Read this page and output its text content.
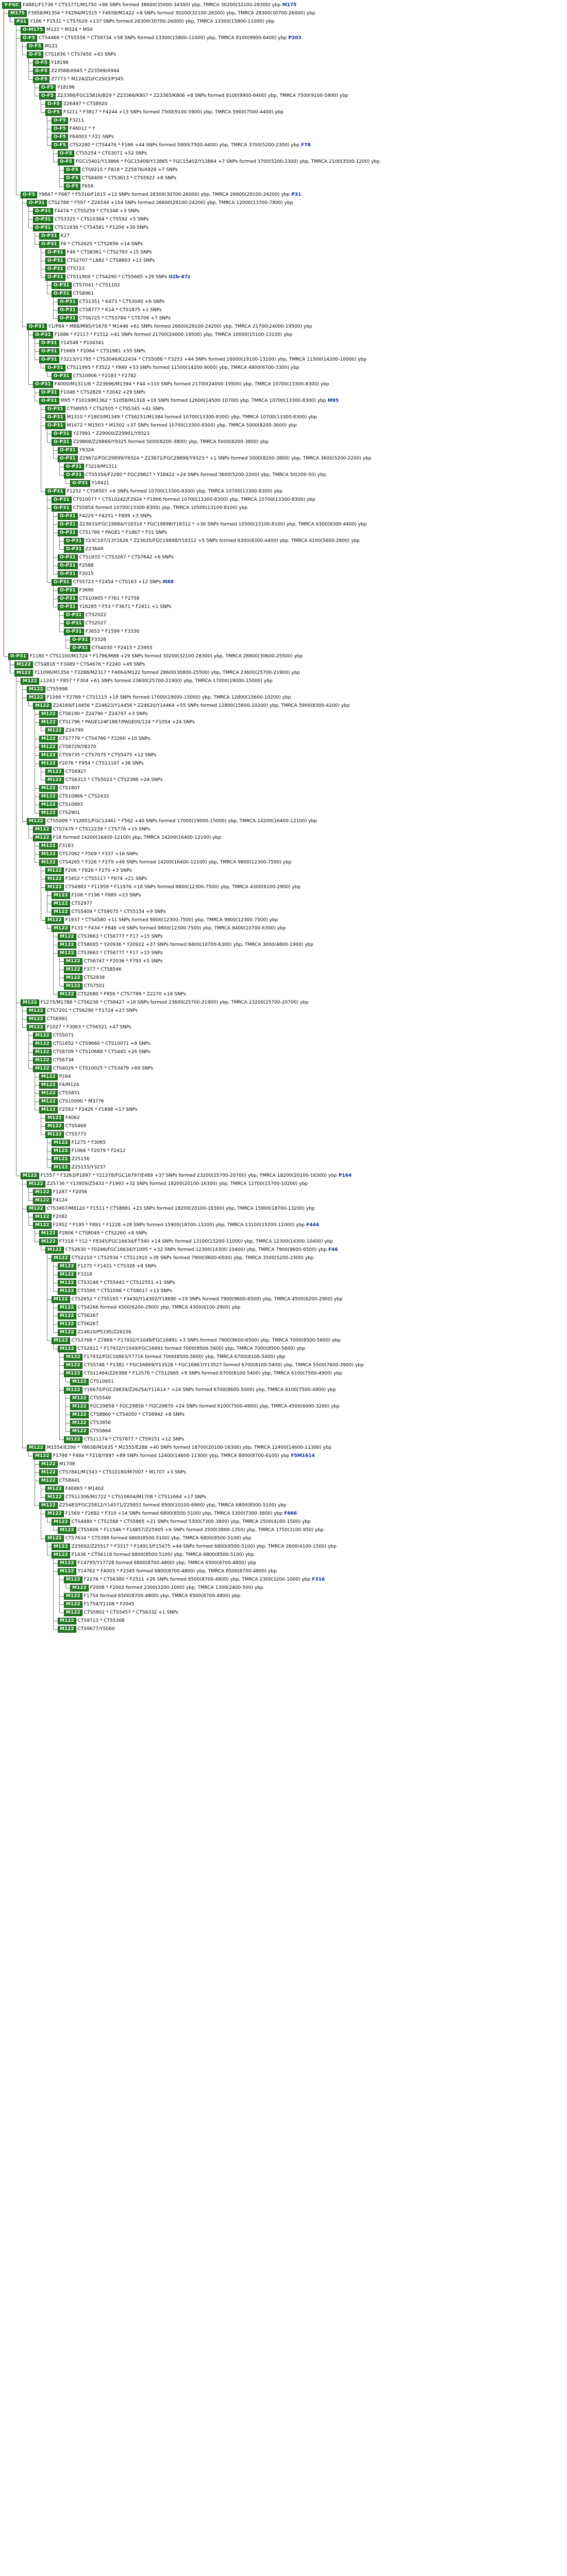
Y-FGC F4881/F1739 * CTS3771/M1750 +86 SNPs formed 38600(35000-34300) ybp, TMRCA 30200(32100-28300) ybp M175
M175 F3958/M1354 * F4294/M1515 * F4658/M1422 +8 SNPs formed 30200(32100-28300) ybp, TMRCA 28300(30700-26000) ybp
P31 Y186 * F1531 * CTS7629 +137 SNPs formed 28300(30700-26000) ybp, TMRCA 13300(15800-11000) ybp
O-M175 M122 * M324 * M50
O-F5 CTS4468 * CTS5556 * CTS9734 +58 SNPs formed 13300(15800-11000) ybp, TMRCA 8100(9900-6400) ybp P203
O-F5 M121
O-F5 CTS1836 * CTS7450 +43 SNPs
O-F5 Y18196
O-F5 Z23568/A945 * Z23569/A944
O-F5 Z7773 * M124/ZGFC2503/P345
O-F5 Y18196
O-F5 Z23366/FGC15816/B29 * Z23366/K807 * Z23365/K806 +8 SNPs formed 8100(9900-6400) ybp, TMRCA 7500(9100-5900) ybp
O-F5 Z26497 * CTS8920
O-F5 F3211 * F3817 * F4244 +13 SNPs formed 7500(9100-5900) ybp, TMRCA 5900(7500-4400) ybp
O-F5 F3211
O-F5 F46011 * Y
O-F5 F64003 * F21 SNPs
O-F5 CTS2280 * CTS4476 * F166 +44 SNPs formed 5900(7500-4400) ybp, TMRCA 3700(5200-2300) ybp F78
O-F5 CTS5254 * CTS3071 +52 SNPs
O-F5 FGC15401/Y13866 * FGC15409/Y13865 * FGC15402/Y13864 +7 SNPs formed 3700(5200-2300) ybp, TMRCA 2100(3500-1200) ybp
O-F5 CTS9215 * F818 * Z25876/A929 +7 SNPs
O-F5 CTS8409 * CTS3613 * CTS5922 +8 SNPs
O-F5 F656
O-F5 Y9647 * F687 * F5316/F1615 +12 SNPs formed 28300(30700-26000) ybp, TMRCA 26600(29100-24200) ybp P31
O-P31 CTS2788 * F597 * Z24544 +154 SNPs formed 26600(29100-24200) ybp, TMRCA 12000(13700-7800) ybp
O-P31 F4474 * CTS5259 * CTS348 +3 SNPs
O-P31 CTS3325 * CTS10364 * CTS592 +5 SNPs
O-P31 CTS11836 * CTS4581 * F1204 +30 SNPs
O-P31 K27
O-P31 F6 * CTS2625 * CTS2656 +14 SNPs
O-P31 F46 * CTS8361 * CTS2793 +15 SNPs
O-P31 CTS2707 * L682 * CTS8603 +13 SNPs
O-P31 CTS723
O-P31 CTS11900 * CTS4290 * CTS5665 +29 SNPs O2b-47z
O-P31 CTS7041 * CTS1102
O-P31 CTS8961
O-P31 CTS1351 * K473 * CTS3040 +6 SNPs
O-P31 CTS8777 * K14 * CTS1875 +1 SNPs
O-P31 CTS6725 * CTS3784 * CTS706 +7 SNPs
O-P31 Y1/P84 * M88/M95/Y1678 * M1446 +61 SNPs formed 26600(29100-24200) ybp, TMRCA 21700(24000-19500) ybp
O-P31 F1686 * F2117 * F1512 +41 SNPs formed 21700(24000-19500) ybp, TMRCA 10000(15100-13100) ybp
O-P31 Y14548 * P104341
O-P31 F1669 * F2064 * CTS1981 +55 SNPs
O-P31 F3213/Y1795 * CTS3046/K22434 * CTS5088 * F3253 +44 SNPs formed 16000(19100-13100) ybp, TMRCA 11500(14200-10000) ybp
O-P31 CTS11995 * F3522 * F840 +53 SNPs formed 11500(14200-9000) ybp, TMRCA 4800(6700-3300) ybp
O-P31 CTS10806 * F2183 * F2782
O-P31 F4000/M1311/8 * Z23696/M1394 * F44 +110 SNPs formed 21700(24000-19500) ybp, TMRCA 10700(13300-8300) ybp
O-P31 F1046 * CTS2828 * F2042 +29 SNPs
O-P31 M95 * F1019/M1362 * S1058/M1318 +19 SNPs formed 12600(14500-10700) ybp, TMRCA 10700(13300-8300) ybp M95
O-P31 CTS8955 * CTS2505 * CTS5345 +41 SNPs
O-P31 M1310 * F1803/M1349 * CTS6251/M1384 formed 10700(13300-8300) ybp, TMRCA 10700(13300-8300) ybp
O-P31 M1472 * M1503 * M1502 +37 SNPs formed 10700(13300-8300) ybp, TMRCA 5000(8200-3600) ybp
O-P31 Y27991 * Z29900/Z29901/Y9323
O-P31 Z29868/Z29866/Y9325 formed 5000(8200-3800) ybp, TMRCA 5000(8200-3800) ybp
O-P31 Y9324
O-P31 Z29672/FGC29899/Y9324 * Z23671/FGC29898/Y9323 * +1 SNPs formed 5000(8200-3800) ybp, TMRCA 3600(5200-2200) ybp
O-P31 F3219/M1311
O-P31 CTS5356/F2290 * FGC29827 * Y18422 +24 SNPs formed 3600(5200-2200) ybp, TMRCA 50(200-50) ybp
O-P31 Y18421
O-P31 F1252 * CTS8507 +6 SNPs formed 10700(13300-8300) ybp, TMRCA 10700(13300-8300) ybp
O-P31 CTS10077 * CTS10242/F2924 * F1906 formed 10700(13300-8300) ybp, TMRCA 10700(13300-8300) ybp
O-P31 CTS5854 formed 10700(13300-8300) ybp, TMRCA 10500(13100-8100) ybp
O-P31 F4229 * F4251 * F809 +3 SNPs
O-P31 Z23633/FGC19884/Y18314 * FGC19898/Y18312 * +30 SNPs formed 10500(13100-8100) ybp, TMRCA 6300(8300-4400) ybp
O-P31 CTS1786 * PAGE1 * F1867 * F31 SNPs
O-P31 Y23C197/13Y1626 * Z23635/FGC19898/Y18312 +5 SNPs formed 6300(8300-4400) ybp, TMRCA 4100(5600-2800) ybp
O-P31 Z23649
O-P31 CTS1933 * CTS3267 * CTS7642 +6 SNPs
O-P31 F2588
O-P31 F2015
O-P31 CTS5723 * F2454 * CTS163 +12 SNPs M88
O-P31 F3690
O-P31 CTS10905 * F761 * F2758
O-P31 Y16285 * F53 * F3671 * F2411 +1 SNPs
O-P31 CTS2022
O-P31 CTS2027
O-P31 F3653 * F1599 * F3330
O-P31 F3328
O-P31 CTS4030 * F2415 * Z3955
O-P31 F1180 * CTS1100/M1724 * F1796/M88 +29 SNPs formed 30200(32100-28300) ybp, TMRCA 28800(30600-25500) ybp
M122 CTS4818 * F3489 * CTS4676 * F2240 +49 SNPs
M122 F11096/M1354 * F3288/M2317 * F4664/M122 formed 28600(30800-25500) ybp, TMRCA 23600(25700-21900) ybp
M122 L1243 * F857 * F304 +61 SNPs formed 23600(25700-21900) ybp, TMRCA 17000(19000-15000) ybp
M122 CTS5998
M122 F1266 * F2789 * CTS1115 +18 SNPs formed 17000(19000-15000) ybp, TMRCA 12800(15600-10200) ybp
M122 Z24169/F14456 * Z24623/Y14456 * Z24620/Y14464 +55 SNPs formed 12800(15600-10200) ybp, TMRCA 5900(8300-4200) ybp
M122 CTS6190 * Z24790 * Z24797 +3 SNPs
M122 CTS1796 * PAGE124F1867/PAGE00/124 * F1054 +24 SNPs
M122 Z24799
M122 CTS7779 * CTS4766 * F2260 +10 SNPs
M122 CTS8729/Y8270
M122 CTS9735 * CTS7075 * CTS5475 +12 SNPs
M122 F2076 * F954 * CTS11107 +36 SNPs
M122 CTS6927
M122 CTS6313 * CTS5023 * CTS2398 +24 SNPs
M122 CTS1807
M122 CTS10866 * CTS2432
M122 CTS10893
M122 CTS2901
M122 CTS5009 * Y12851/FGC12461 * F562 +40 SNPs formed 17000(19000-15000) ybp, TMRCA 14200(16400-12100) ybp
M122 CTS7479 * CTS12239 * CTS778 +15 SNPs
M122 F18 formed 14200(16400-12100) ybp, TMRCA 14200(16400-12100) ybp
M122 F3183
M122 CTS7062 * F509 * F337 +16 SNPs
M122 CTS4265 * F326 * F379 +49 SNPs formed 14200(16400-12100) ybp, TMRCA 9800(12300-7500) ybp
M122 F206 * F826 * F270 +3 SNPs
M122 F3452 * CTS5117 * F674 +21 SNPs
M122 CTS4983 * F11959 * F11976 +18 SNPs formed 9800(12300-7500) ybp, TMRCA 4300(6100-2900) ybp
M122 F108 * F196 * F889 +23 SNPs
M122 CTS2977
M122 CTS5409 * CTS9075 * CTS5154 +9 SNPs
M122 F1937 * CTS4580 +11 SNPs formed 9800(12300-7500) ybp, TMRCA 9800(12300-7500) ybp
M122 F133 * F434 * F846 +9 SNPs formed 9800(12300-7500) ybp, TMRCA 8400(10700-6300) ybp
M122 CTS3663 * CTS6777 * F17 +15 SNPs
M122 CTS8005 * Y20936 * Y20922 +37 SNPs formed 8400(10700-6300) ybp, TMRCA 3000(4800-1900) ybp
M122 CTS3663 * CTS6777 * F17 +15 SNPs
M122 CTS6747 * F2036 * F793 +5 SNPs
M122 F377 * CTS8546
M122 CTS2939
M122 CTS7501
M122 CTS2680 * F856 * CTS7789 * Z2270 +16 SNPs
M122 F1275/M1788 * CTS6236 * CTS8427 +18 SNPs formed 23600(25700-21900) ybp, TMRCA 23200(25700-20700) ybp
M122 CTS7201 * CTS6290 * F1724 +27 SNPs
M122 CTS6991
M122 F1027 * F3063 * CTS6521 +47 SNPs
M122 CTS5071
M122 CTS1652 * CTS9660 * CTS10071 +8 SNPs
M122 CTS8709 * CTS10688 * CTS445 +26 SNPs
M122 CTS6734
M122 CTS4029 * CTS10025 * CTS3479 +69 SNPs
M122 P164
M122 F4/M124
M122 CTS5831
M122 CTS10090 * M3776
M122 F2593 * F2426 * F1898 +17 SNPs
M122 F4062
M122 CTS5469
M122 CTS5773
M122 F1275 * F3065
M122 F1966 * F2079 * F2412
M122 Z25156
M122 Z25155/Y3237
M122 F1557 * F3263/P1897 * Y21378/FGC16797/E489 +37 SNPs formed 23200(25700-20700) ybp, TMRCA 18200(20100-16300) ybp P164
M122 Z25736 * Y13959/Z5433 * F1993 +32 SNPs formed 18200(20100-16300) ybp, TMRCA 12700(15700-10200) ybp
M122 F1287 * F2056
M122 F4124
M122 CTS3467/M8120 * F1511 * CTS8881 +23 SNPs formed 18200(20100-16300) ybp, TMRCA 15900(18700-13200) ybp
M122 F2082
M122 F1952 * F195 * F891 * F1228 +28 SNPs formed 15900(18700-13200) ybp, TMRCA 13100(15200-11000) ybp F444
M122 F2806 * CTS8049 * CTS2260 +8 SNPs
M122 F7318 * Y12 * F8345/FGC16634/F7340 +14 SNPs formed 13100(15200-11000) ybp, TMRCA 12300(14300-10400) ybp
M122 CTS2630 * F0246/FGC16634/Y1095 * +32 SNPs formed 12300(14300-10400) ybp, TMRCA 7900(9600-6500) ybp F46
M122 CTS2210 * CTS2934 * CTS11910 +39 SNPs formed 7900(9600-6500) ybp, TMRCA 3500(5200-2300) ybp
M122 F1275 * F1431 * CTS326 +8 SNPs
M122 F3318
M122 CTS3148 * CTS5443 * CTS12551 +1 SNPs
M122 CTS595 * CTS1098 * CTS8017 +13 SNPs
M122 CTS2652 * CTS5165 * F3430/Y14302/Y18690 +19 SNPs formed 7900(9600-6500) ybp, TMRCA 4500(6200-2900) ybp
M122 CTS4266 formed 4500(6200-2900) ybp, TMRCA 4300(6100-2900) ybp
M122 CTS6267
M122 CTS6267
M122 Z14610/P5195/Z26156
M122 CTS3766 * Z7868 * F17932/Y1049/FGC16891 +3 SNPs formed 7900(9600-6500) ybp, TMRCA 7000(8500-5600) ybp
M122 CTS2811 * F17932/Y1049/FGC16891 formed 7000(8500-5600) ybp, TMRCA 7000(8500-5600) ybp
M122 F17932/FGC16863/Y7716 formed 7000(8500-5600) ybp, TMRCA 6700(8100-5400) ybp
M122 CTS5748 * F1381 * FGC16869/Y13528 * FGC16867/Y13527 formed 6700(8100-5400) ybp, TMRCA 5500(7600-3900) ybp
M122 CTS11484/Z26388 * F12576 * CTS12665 +9 SNPs formed 6700(8100-5400) ybp, TMRCA 6100(7500-4900) ybp
M122 CTS10651
M122 Y16670/FGC29839/Z26254/Y11614 * +24 SNPs formed 6700(8600-5000) ybp, TMRCA 6100(7500-4900) ybp
M122 CTS5549
M122 FGC29858 * FGC29858 * FGC29870 +24 SNPs formed 6100(7500-4900) ybp, TMRCA 4500(6000-3200) ybp
M122 CTS8860 * CTS4050 * CTS6942 +8 SNPs
M122 CTS3856
M122 CTS5864
M122 CTS11174 * CTS7877 * CTS9151 +12 SNPs
M122 M1554/E286 * Y8638/M1635 * M1555/E288 +40 SNPs formed 18700(20100-16300) ybp, TMRCA 12400(14600-11300) ybp
M122 F1798 * F484 * F218/Y897 +89 SNPs formed 12400(14600-11300) ybp, TMRCA 8000(8700-6100) ybp F5M1614
M122 M1706
M122 CTS7841/M1543 * CTS10180/M7007 * M1707 +3 SNPs
M122 CTS8441
M122 F46865 * M1402
M122 CTS11306/M1722 * CTS10604/M1708 * CTS11664 +17 SNPs
M122 Z25483/FGC25812/Y14571/Z25851 formed 8500(10100-6900) ybp, TMRCA 6800(8500-5100) ybp
M122 F1569 * F2692 * F310 +14 SNPs formed 6800(8500-5100) ybp, TMRCA 5300(7300-3800) ybp F666
M122 CTS4480 * CTS1568 * CTS5865 +21 SNPs formed 5300(7300-3800) ybp, TMRCA 2500(4100-1500) ybp
M122 CTS5606 * F11546 * F14857/Z25905 +6 SNPs formed 2500(3800-1350) ybp, TMRCA 1750(3100-950) ybp
M122 CTS7634 * CTS399 formed 6800(8500-5100) ybp, TMRCA 6800(8500-5100) ybp
M122 Z25692/Z25517 * F3317 * F14913/F15475 +44 SNPs formed 6800(8500-5100) ybp, TMRCA 2600(4100-1500) ybp
M122 F1436 * CTS6118 formed 6800(8500-5100) ybp, TMRCA 6800(8500-5100) ybp
M122 F14795/Y17728 formed 6800(8700-4800) ybp, TMRCA 6500(8700-4800) ybp
M122 Y14762 * F4003 * F2345 formed 6800(8700-4800) ybp, TMRCA 6500(8700-4800) ybp
M122 F2276 * CTS6380 * F2511 +26 SNPs formed 6500(8700-4800) ybp, TMRCA 2300(3200-1000) ybp F316
M122 F2008 * F2002 formed 2300(3200-1000) ybp, TMRCA 1300(2400-500) ybp
M122 F1754 formed 6500(8700-4800) ybp, TMRCA 6500(8700-4800) ybp
M122 F1754/Y1108 * F2045
M122 CTS5802 * CTS5457 * CTS6332 +1 SNPs
M122 CTS9713 * CTS5308
M122 CTS9677/Y5060
